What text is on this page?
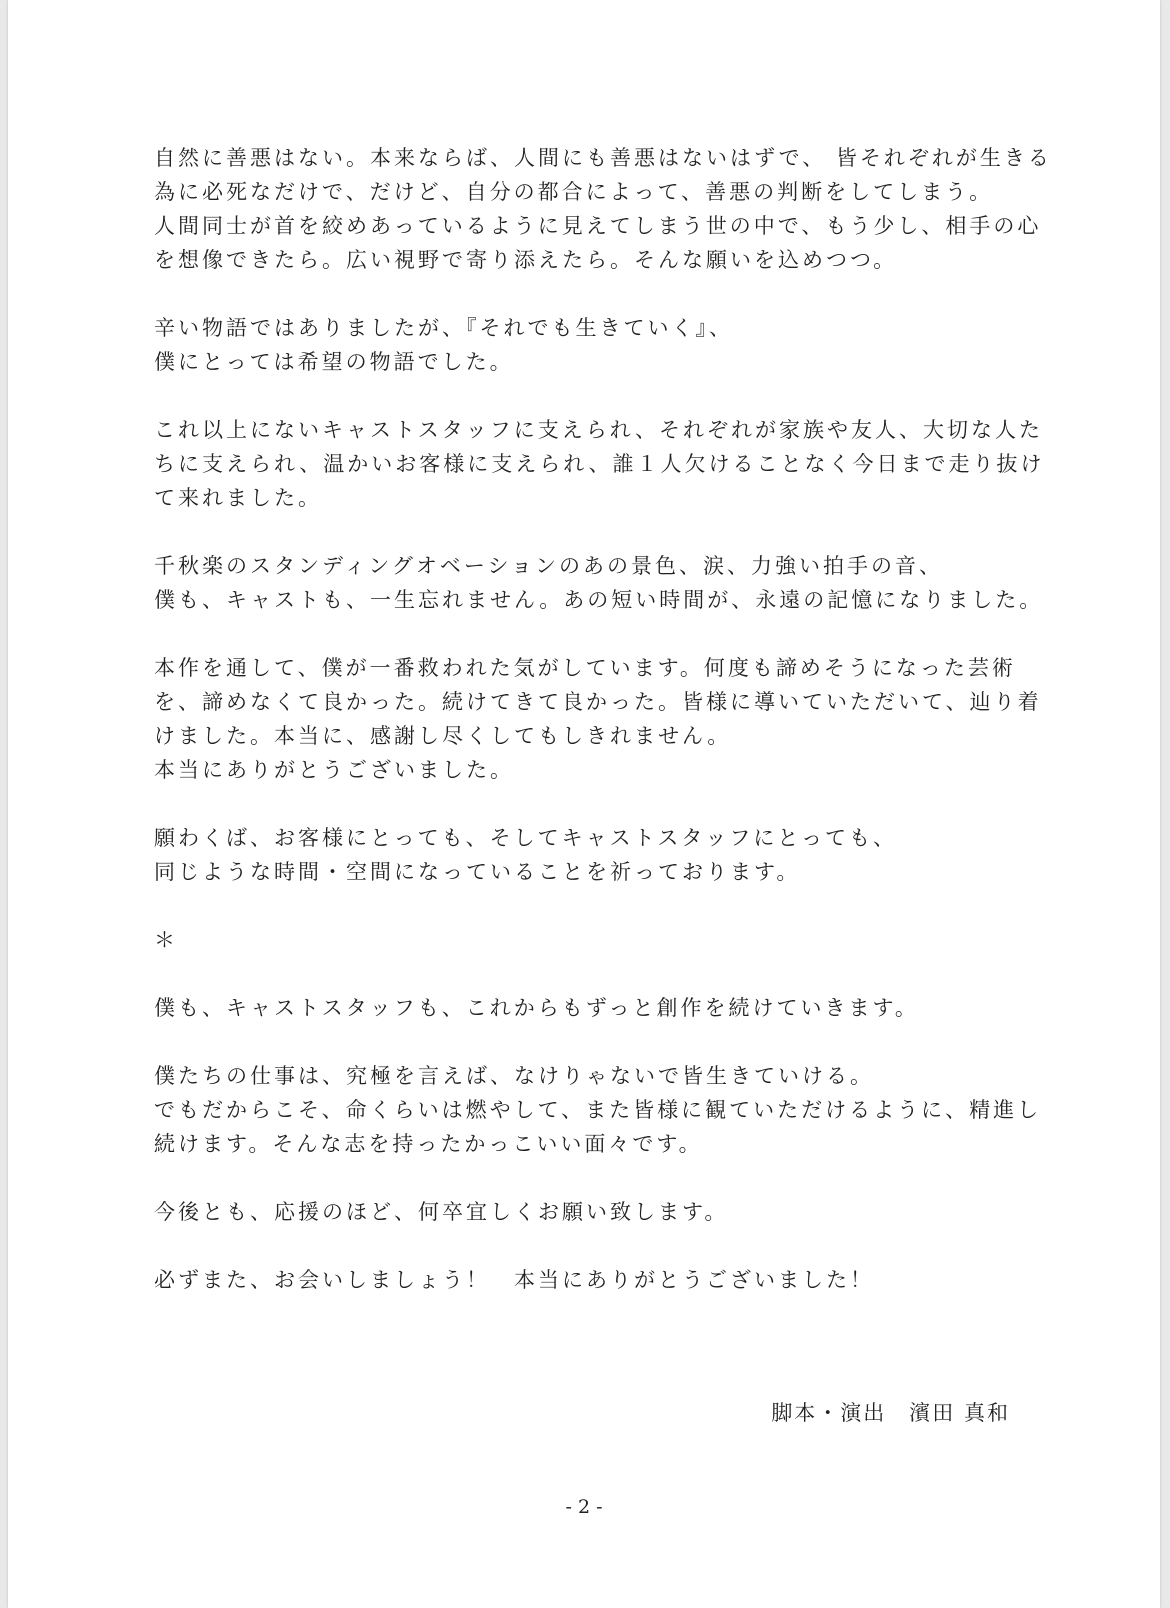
自然に善悪はない。本来ならば、人間にも善悪はないはずで、 皆それぞれが生きる
為に必死なだけで、だけど、自分の都合によって、善悪の判断をしてしまう。
人間同士が首を絞めあっているように見えてしまう世の中で、もう少し、相手の心
を想像できたら。広い視野で寄り添えたら。そんな願いを込めつつ。
辛い物語ではありましたが、『それでも生きていく』、
僕にとっては希望の物語でした。
これ以上にないキャストスタッフに支えられ、それぞれが家族や友人、大切な人た
ちに支えられ、温かいお客様に支えられ、誰１人欠けることなく今日まで走り抜け
て来れました。
千秋楽のスタンディングオベーションのあの景色、涙、力強い拍手の音、
僕も、キャストも、一生忘れません。あの短い時間が、永遠の記憶になりました。
本作を通して、僕が一番救われた気がしています。何度も諦めそうになった芸術
を、諦めなくて良かった。続けてきて良かった。皆様に導いていただいて、辿り着
けました。本当に、感謝し尽くしてもしきれません。
本当にありがとうございました。
願わくば、お客様にとっても、そしてキャストスタッフにとっても、
同じような時間・空間になっていることを祈っております。
＊
僕も、キャストスタッフも、これからもずっと創作を続けていきます。
僕たちの仕事は、究極を言えば、なけりゃないで皆生きていける。
でもだからこそ、命くらいは燃やして、また皆様に観ていただけるように、精進し
続けます。そんな志を持ったかっこいい面々です。
今後とも、応援のほど、何卒宜しくお願い致します。
必ずまた、お会いしましょう！　本当にありがとうございました！
脚本・演出　濱田 真和
- 2 -
